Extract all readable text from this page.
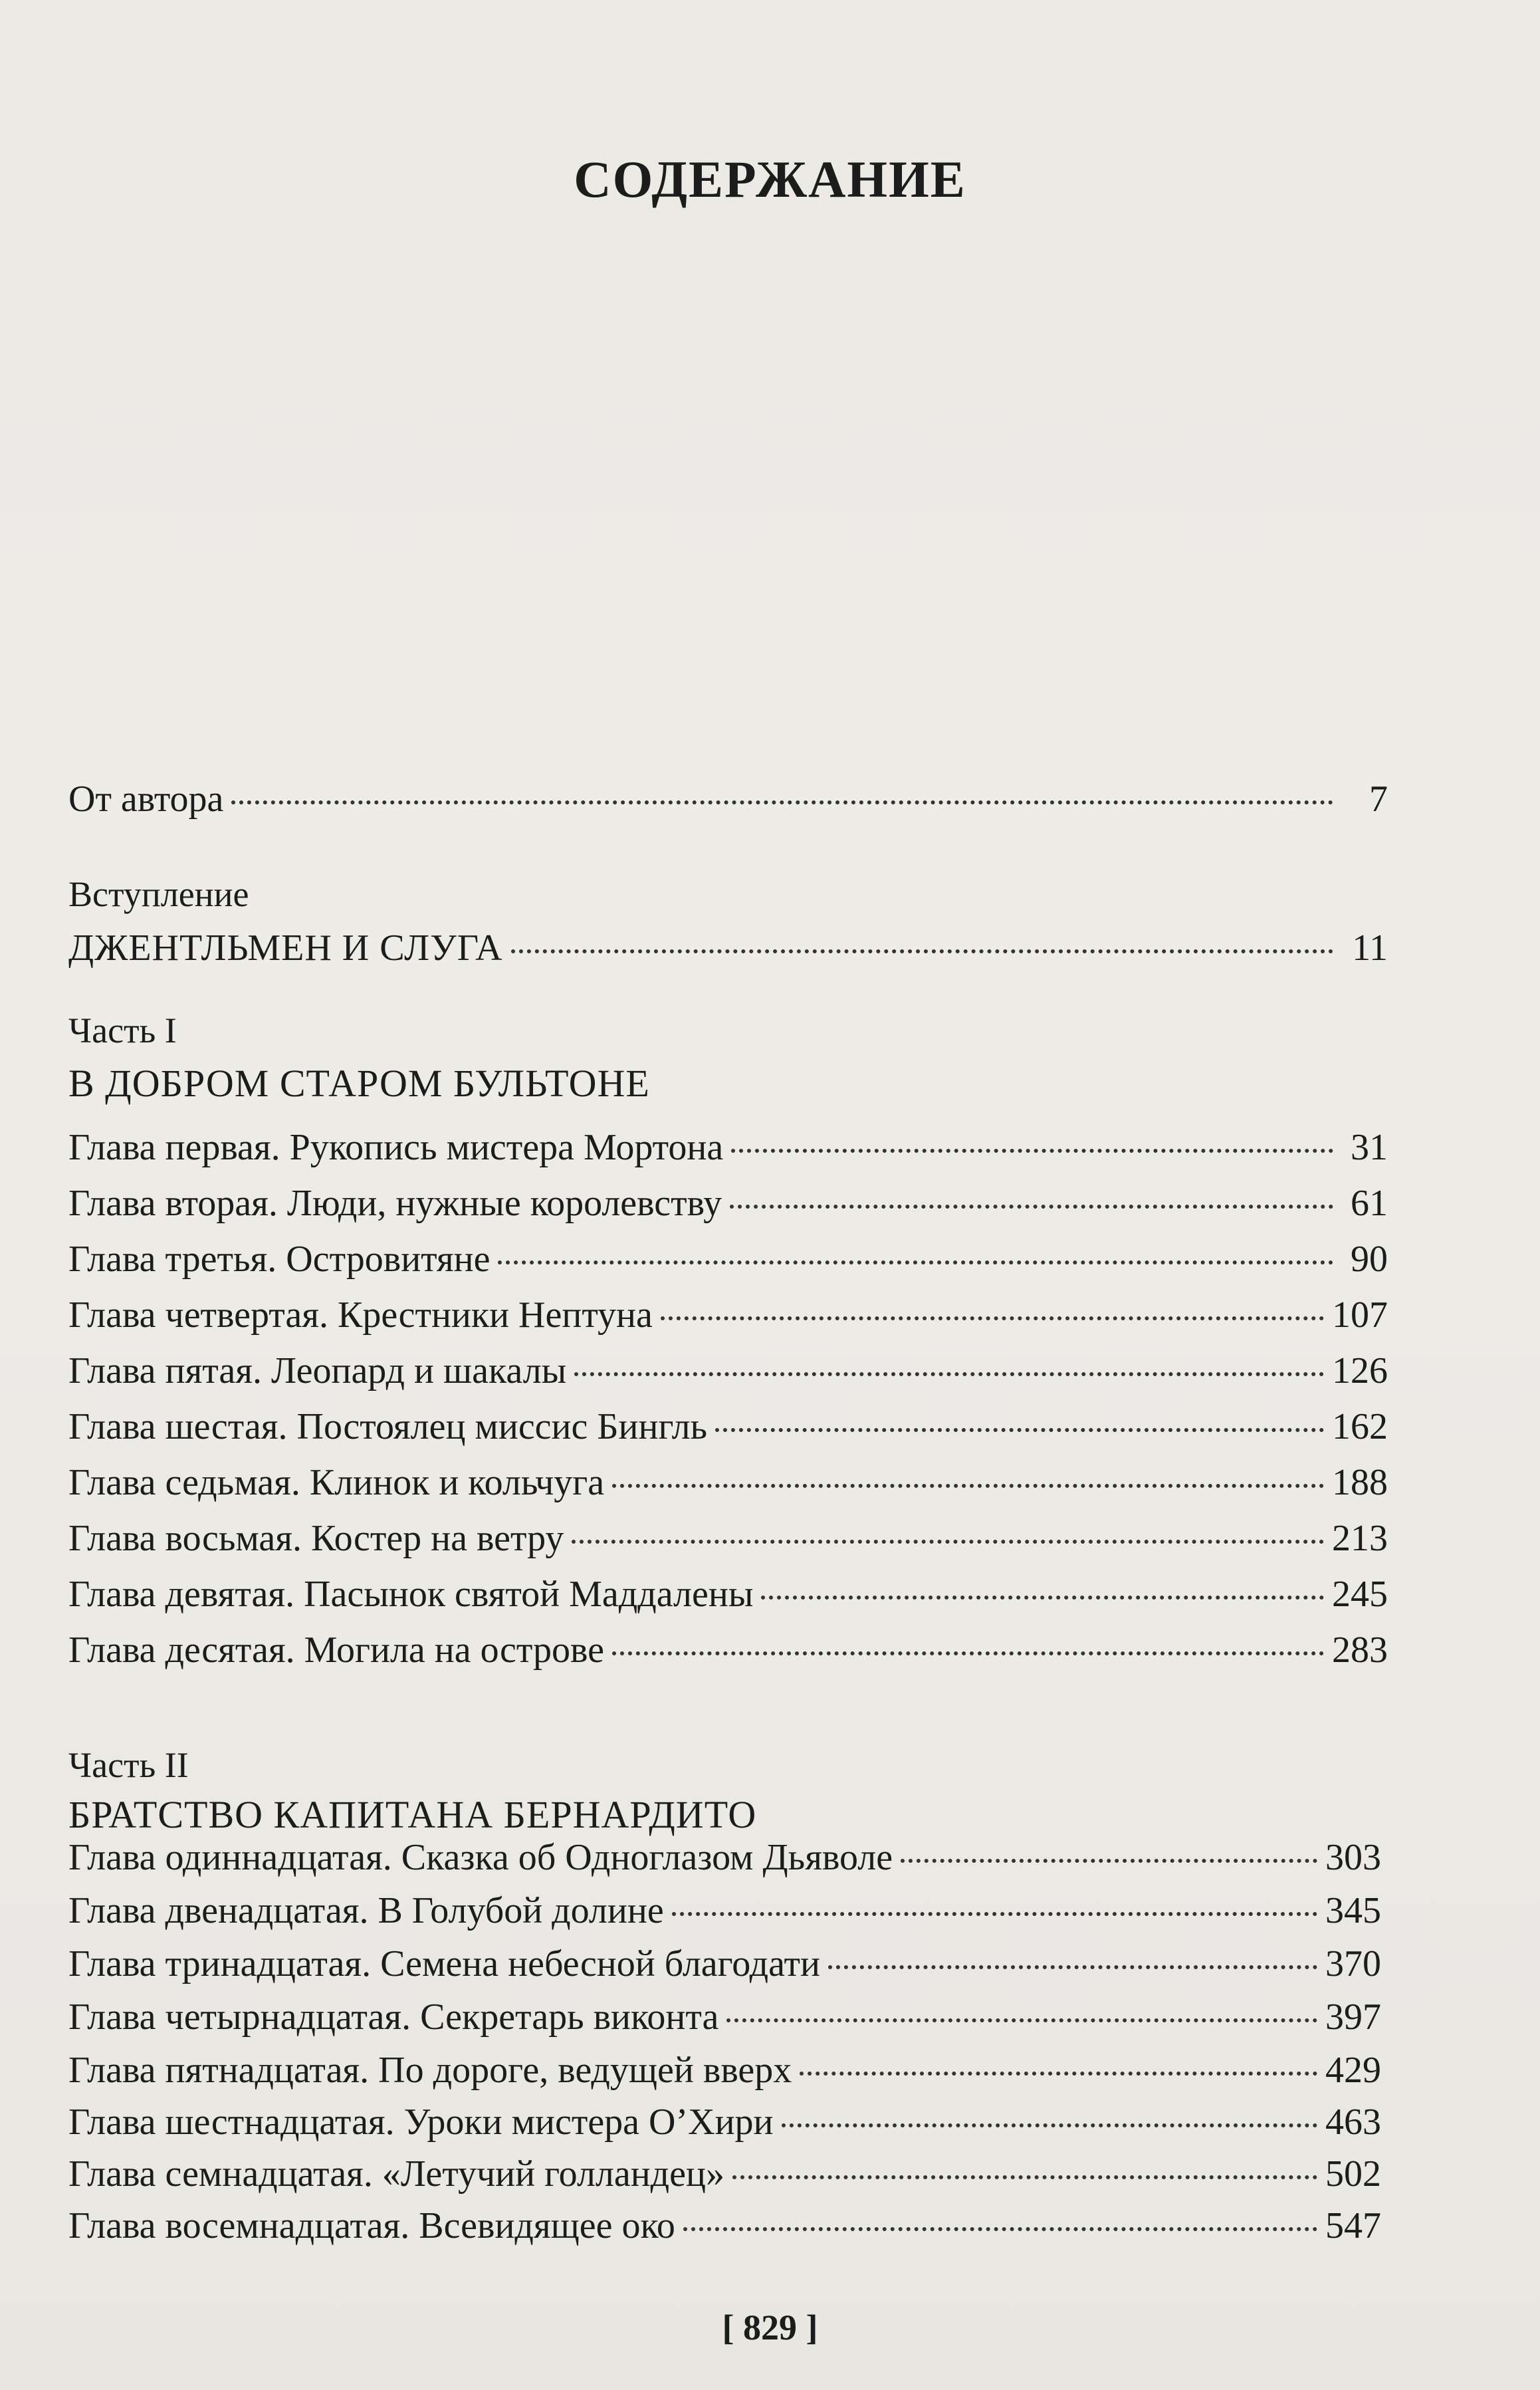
СОДЕРЖАНИЕ
От автора	7
Вступление
ДЖЕНТЛЬМЕН И СЛУГА	11
Часть I
В ДОБРОМ СТАРОМ БУЛЬТОНЕ
Глава первая. Рукопись мистера Мортона	31
Глава вторая. Люди, нужные королевству	61
Глава третья. Островитяне	90
Глава четвертая. Крестники Нептуна	107
Глава пятая. Леопард и шакалы	126
Глава шестая. Постоялец миссис Бингль	162
Глава седьмая. Клинок и кольчуга	188
Глава восьмая. Костер на ветру	213
Глава девятая. Пасынок святой Маддалены	245
Глава десятая. Могила на острове	283
Часть II
БРАТСТВО КАПИТАНА БЕРНАРДИТО
Глава одиннадцатая. Сказка об Одноглазом Дьяволе	303
Глава двенадцатая. В Голубой долине	345
Глава тринадцатая. Семена небесной благодати	370
Глава четырнадцатая. Секретарь виконта	397
Глава пятнадцатая. По дороге, ведущей вверх	429
Глава шестнадцатая. Уроки мистера О’Хири	463
Глава семнадцатая. «Летучий голландец»	502
Глава восемнадцатая. Всевидящее око	547
[ 829 ]
